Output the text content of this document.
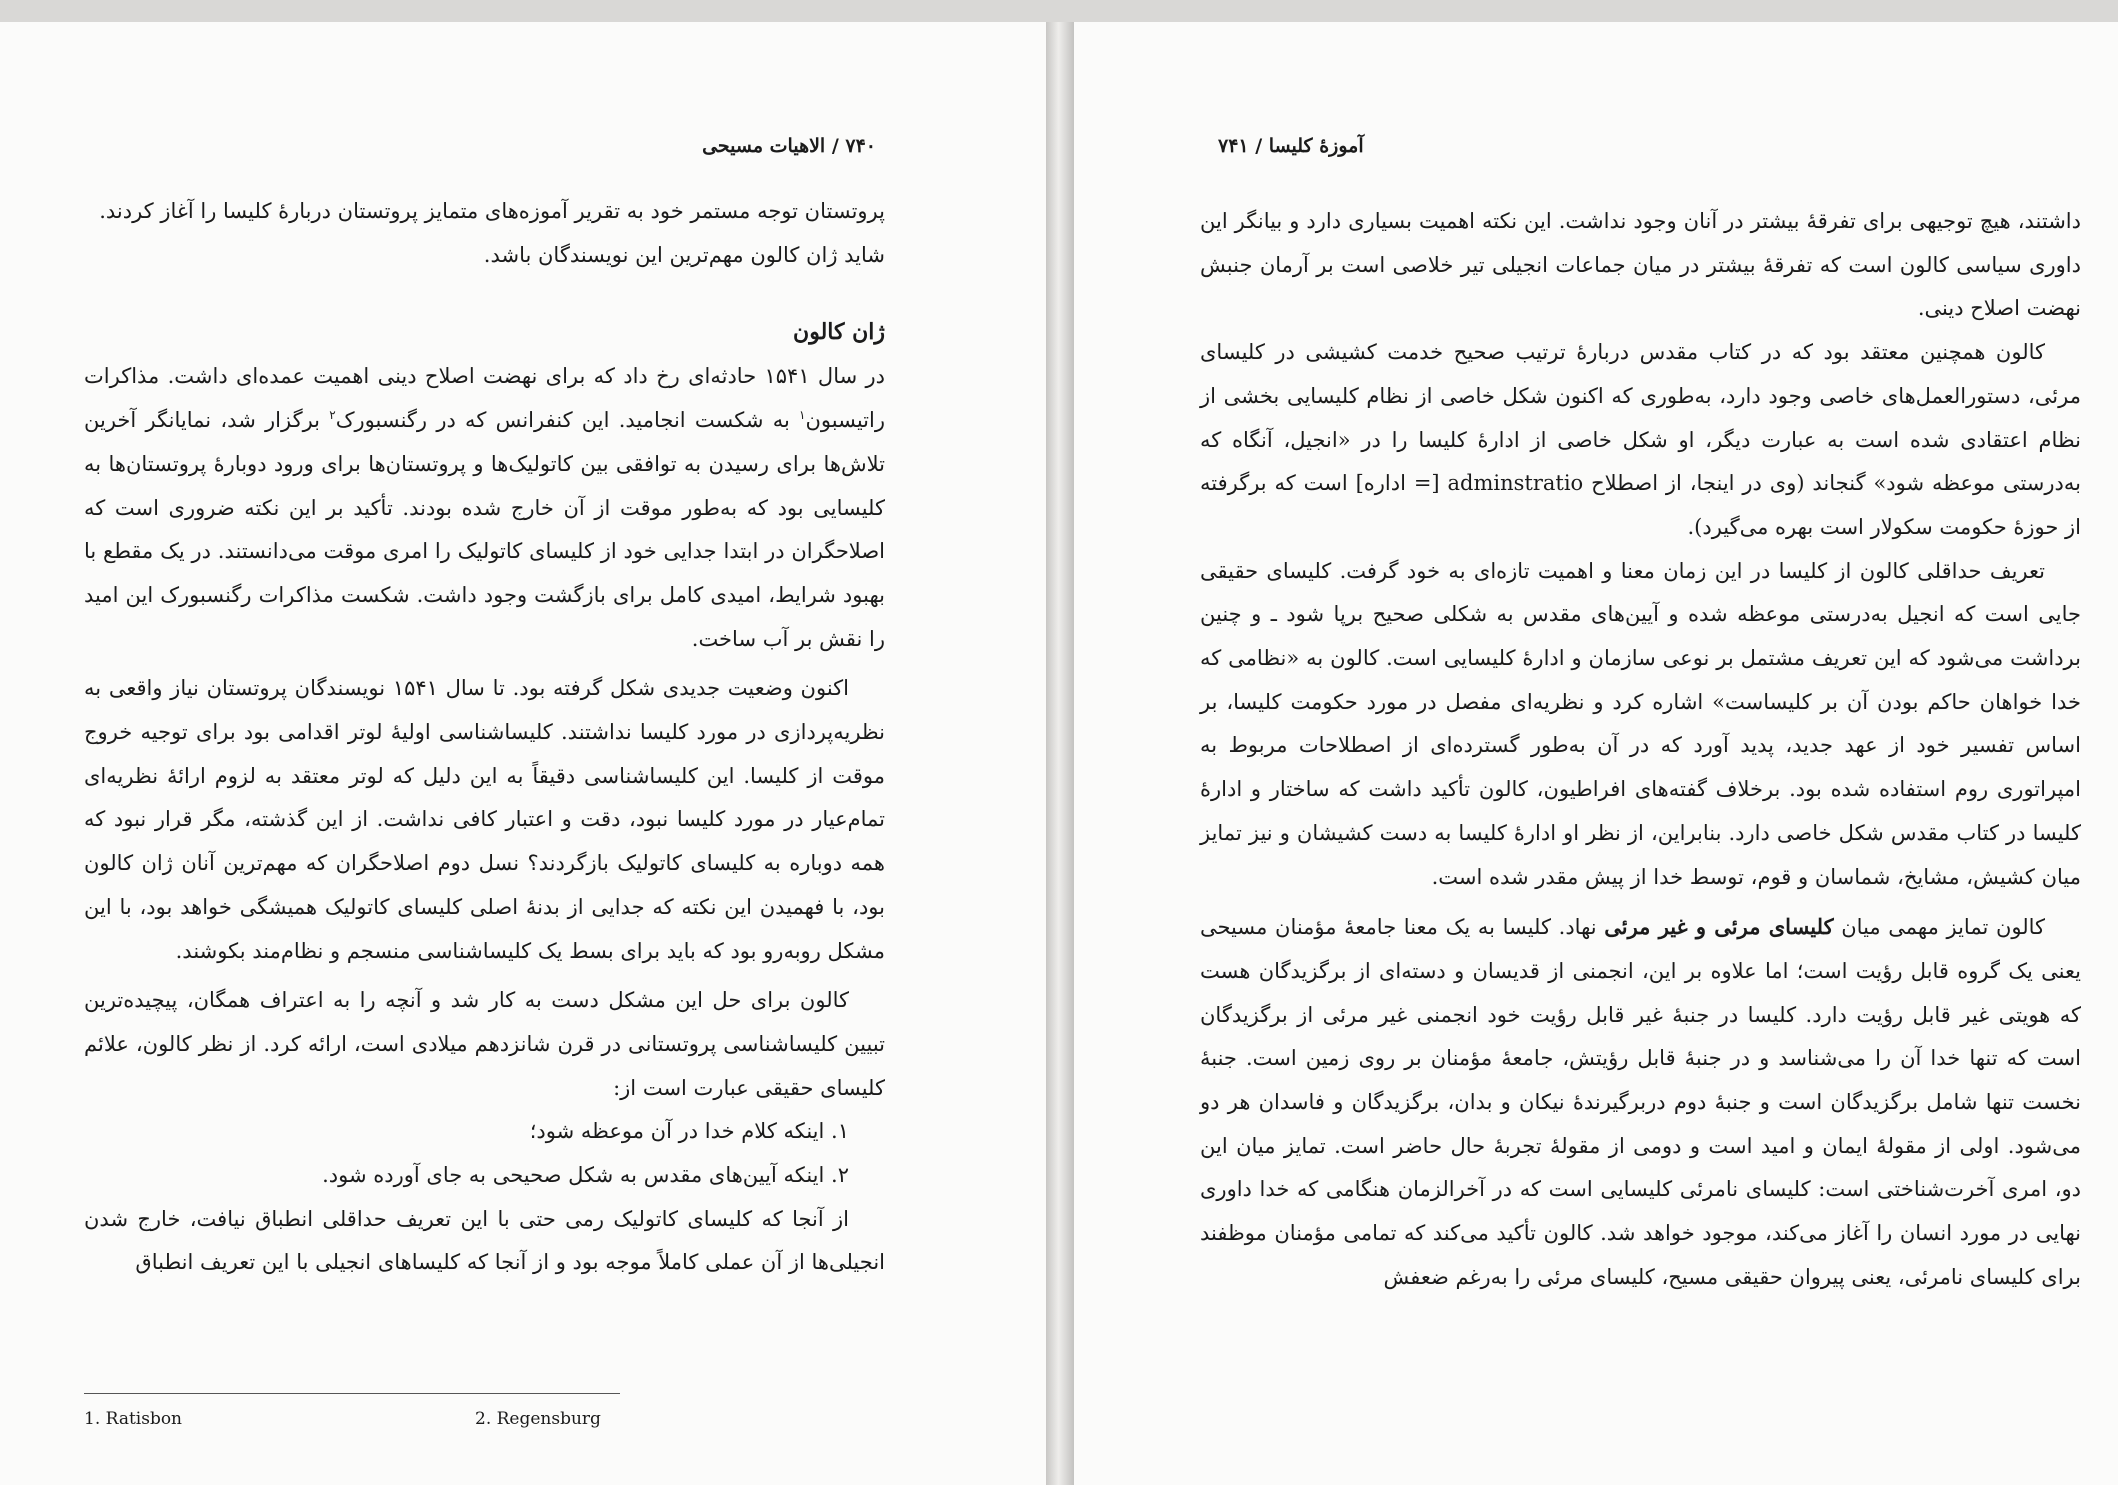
۷۴۰ / الاهیات مسیحی

پروتستان توجه مستمر خود به تقریر آموزه‌های متمایز پروتستان دربارهٔ کلیسا را آغاز کردند.

شاید ژان کالون مهم‌ترین این نویسندگان باشد.

ژان کالون

در سال ۱۵۴۱ حادثه‌ای رخ داد که برای نهضت اصلاح دینی اهمیت عمده‌ای داشت. مذاکرات راتیسبون$^۱$ به شکست انجامید. این کنفرانس که در رگنسبورک$^۲$ برگزار شد، نمایانگر آخرین تلاش‌ها برای رسیدن به توافقی بین کاتولیک‌ها و پروتستان‌ها برای ورود دوبارهٔ پروتستان‌ها به کلیسایی بود که به‌طور موقت از آن خارج شده بودند. تأکید بر این نکته ضروری است که اصلاحگران در ابتدا جدایی خود از کلیسای کاتولیک را امری موقت می‌دانستند. در یک مقطع با بهبود شرایط، امیدی کامل برای بازگشت وجود داشت. شکست مذاکرات رگنسبورک این امید را نقش بر آب ساخت.

اکنون وضعیت جدیدی شکل گرفته بود. تا سال ۱۵۴۱ نویسندگان پروتستان نیاز واقعی به نظریه‌پردازی در مورد کلیسا نداشتند. کلیساشناسی اولیهٔ لوتر اقدامی بود برای توجیه خروج موقت از کلیسا. این کلیساشناسی دقیقاً به این دلیل که لوتر معتقد به لزوم ارائهٔ نظریه‌ای تمام‌عیار در مورد کلیسا نبود، دقت و اعتبار کافی نداشت. از این گذشته، مگر قرار نبود که همه دوباره به کلیسای کاتولیک بازگردند؟ نسل دوم اصلاحگران که مهم‌ترین آنان ژان کالون بود، با فهمیدن این نکته که جدایی از بدنهٔ اصلی کلیسای کاتولیک همیشگی خواهد بود، با این مشکل روبه‌رو بود که باید برای بسط یک کلیساشناسی منسجم و نظام‌مند بکوشند.

کالون برای حل این مشکل دست به کار شد و آنچه را به اعتراف همگان، پیچیده‌ترین تبیین کلیساشناسی پروتستانی در قرن شانزدهم میلادی است، ارائه کرد. از نظر کالون، علائم کلیسای حقیقی عبارت است از:

۱. اینکه کلام خدا در آن موعظه شود؛

۲. اینکه آیین‌های مقدس به شکل صحیحی به جای آورده شود.

از آنجا که کلیسای کاتولیک رمی حتی با این تعریف حداقلی انطباق نیافت، خارج شدن انجیلی‌ها از آن عملی کاملاً موجه بود و از آنجا که کلیساهای انجیلی با این تعریف انطباق

1. Ratisbon	2. Regensburg
آموزهٔ کلیسا / ۷۴۱

داشتند، هیچ توجیهی برای تفرقهٔ بیشتر در آنان وجود نداشت. این نکته اهمیت بسیاری دارد و بیانگر این داوری سیاسی کالون است که تفرقهٔ بیشتر در میان جماعات انجیلی تیر خلاصی است بر آرمان جنبش نهضت اصلاح دینی.

کالون همچنین معتقد بود که در کتاب مقدس دربارهٔ ترتیب صحیح خدمت کشیشی در کلیسای مرئی، دستورالعمل‌های خاصی وجود دارد، به‌طوری که اکنون شکل خاصی از نظام کلیسایی بخشی از نظام اعتقادی شده است به عبارت دیگر، او شکل خاصی از ادارهٔ کلیسا را در «انجیل، آنگاه که به‌درستی موعظه شود» گنجاند (وی در اینجا، از اصطلاح adminstratio [= اداره] است که برگرفته از حوزهٔ حکومت سکولار است بهره می‌گیرد).

تعریف حداقلی کالون از کلیسا در این زمان معنا و اهمیت تازه‌ای به خود گرفت. کلیسای حقیقی جایی است که انجیل به‌درستی موعظه شده و آیین‌های مقدس به شکلی صحیح برپا شود ـ و چنین برداشت می‌شود که این تعریف مشتمل بر نوعی سازمان و ادارهٔ کلیسایی است. کالون به «نظامی که خدا خواهان حاکم بودن آن بر کلیساست» اشاره کرد و نظریه‌ای مفصل در مورد حکومت کلیسا، بر اساس تفسیر خود از عهد جدید، پدید آورد که در آن به‌طور گسترده‌ای از اصطلاحات مربوط به امپراتوری روم استفاده شده بود. برخلاف گفته‌های افراطیون، کالون تأکید داشت که ساختار و ادارهٔ کلیسا در کتاب مقدس شکل خاصی دارد. بنابراین، از نظر او ادارهٔ کلیسا به دست کشیشان و نیز تمایز میان کشیش، مشایخ، شماسان و قوم، توسط خدا از پیش مقدر شده است.

کالون تمایز مهمی میان کلیسای مرئی و غیر مرئی نهاد. کلیسا به یک معنا جامعهٔ مؤمنان مسیحی یعنی یک گروه قابل رؤیت است؛ اما علاوه بر این، انجمنی از قدیسان و دسته‌ای از برگزیدگان هست که هویتی غیر قابل رؤیت دارد. کلیسا در جنبهٔ غیر قابل رؤیت خود انجمنی غیر مرئی از برگزیدگان است که تنها خدا آن را می‌شناسد و در جنبهٔ قابل رؤیتش، جامعهٔ مؤمنان بر روی زمین است. جنبهٔ نخست تنها شامل برگزیدگان است و جنبهٔ دوم دربرگیرندهٔ نیکان و بدان، برگزیدگان و فاسدان هر دو می‌شود. اولی از مقولهٔ ایمان و امید است و دومی از مقولهٔ تجربهٔ حال حاضر است. تمایز میان این دو، امری آخرت‌شناختی است: کلیسای نامرئی کلیسایی است که در آخرالزمان هنگامی که خدا داوری نهایی در مورد انسان را آغاز می‌کند، موجود خواهد شد. کالون تأکید می‌کند که تمامی مؤمنان موظفند برای کلیسای نامرئی، یعنی پیروان حقیقی مسیح، کلیسای مرئی را به‌رغم ضعفش
